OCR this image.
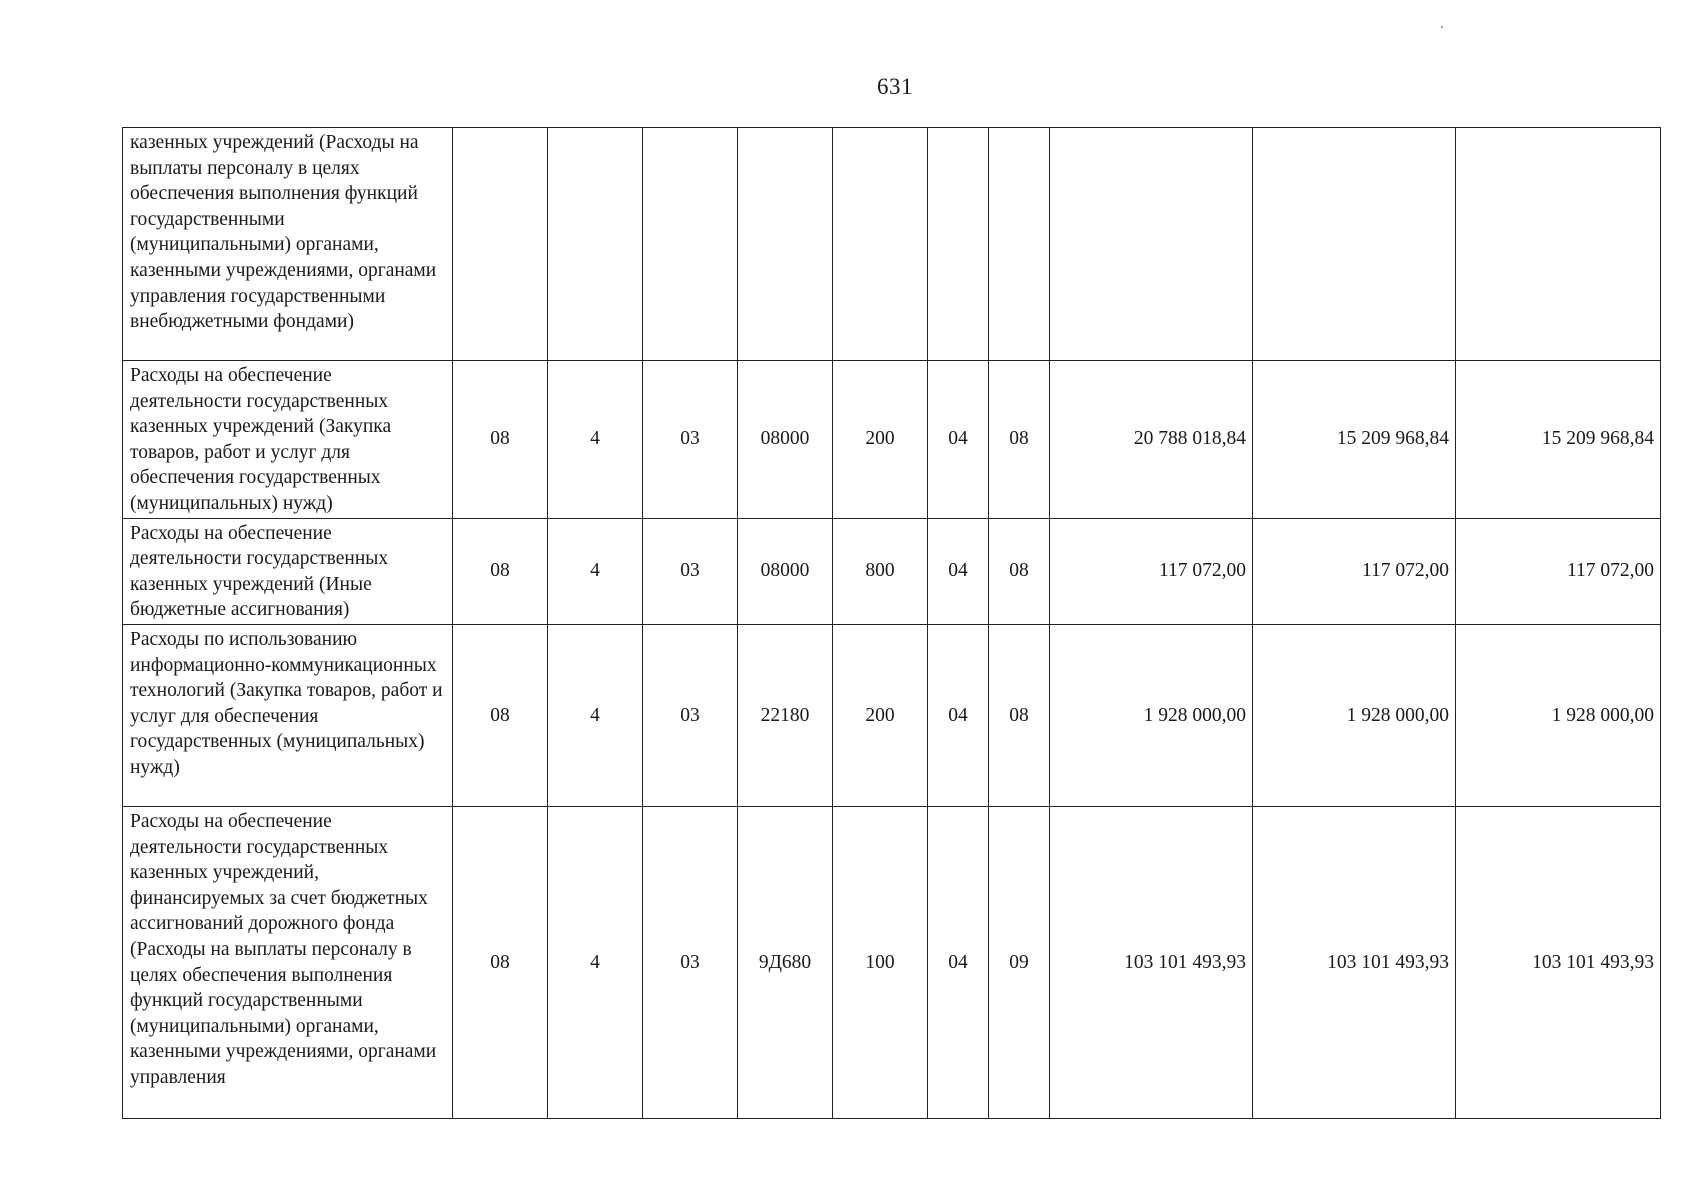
631
казенных учреждений (Расходы на выплаты персоналу в целях обеспечения выполнения функций государственными (муниципальными) органами, казенными учреждениями, органами управления государственными внебюджетными фондами)										
Расходы на обеспечение деятельности государственных казенных учреждений (Закупка товаров, работ и услуг для обеспечения государственных (муниципальных) нужд)	08	4	03	08000	200	04	08	20 788 018,84	15 209 968,84	15 209 968,84
Расходы на обеспечение деятельности государственных казенных учреждений (Иные бюджетные ассигнования)	08	4	03	08000	800	04	08	117 072,00	117 072,00	117 072,00
Расходы по использованию информационно-коммуникационных технологий (Закупка товаров, работ и услуг для обеспечения государственных (муниципальных) нужд)	08	4	03	22180	200	04	08	1 928 000,00	1 928 000,00	1 928 000,00
Расходы на обеспечение деятельности государственных казенных учреждений, финансируемых за счет бюджетных ассигнований дорожного фонда (Расходы на выплаты персоналу в целях обеспечения выполнения функций государственными (муниципальными) органами, казенными учреждениями, органами управления	08	4	03	9Д680	100	04	09	103 101 493,93	103 101 493,93	103 101 493,93
